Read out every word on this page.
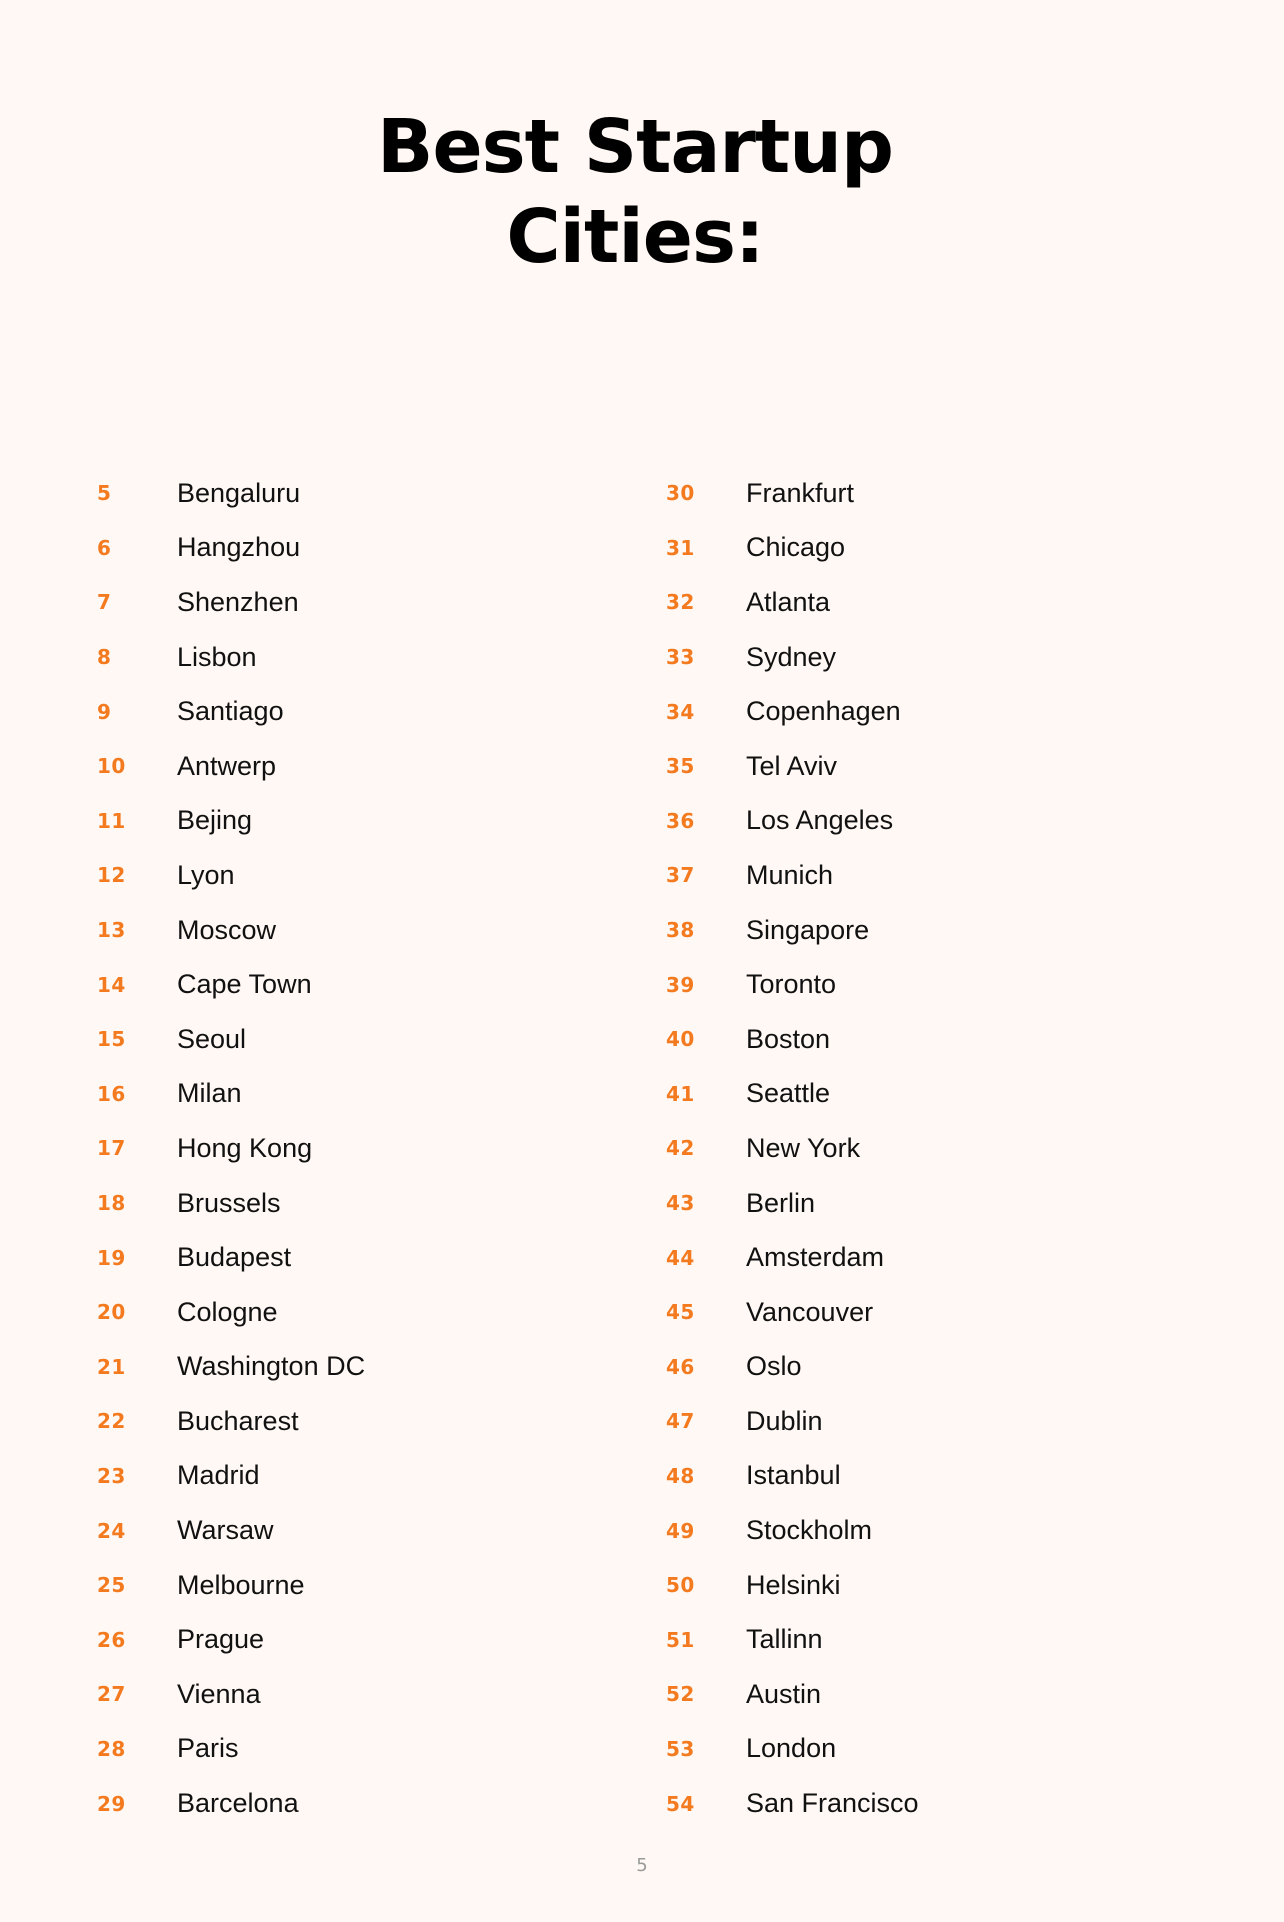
Best Startup
Cities:
5	Bengaluru
6	Hangzhou
7	Shenzhen
8	Lisbon
9	Santiago
10	Antwerp
11	Bejing
12	Lyon
13	Moscow
14	Cape Town
15	Seoul
16	Milan
17	Hong Kong
18	Brussels
19	Budapest
20	Cologne
21	Washington DC
22	Bucharest
23	Madrid
24	Warsaw
25	Melbourne
26	Prague
27	Vienna
28	Paris
29	Barcelona
30	Frankfurt
31	Chicago
32	Atlanta
33	Sydney
34	Copenhagen
35	Tel Aviv
36	Los Angeles
37	Munich
38	Singapore
39	Toronto
40	Boston
41	Seattle
42	New York
43	Berlin
44	Amsterdam
45	Vancouver
46	Oslo
47	Dublin
48	Istanbul
49	Stockholm
50	Helsinki
51	Tallinn
52	Austin
53	London
54	San Francisco
5
